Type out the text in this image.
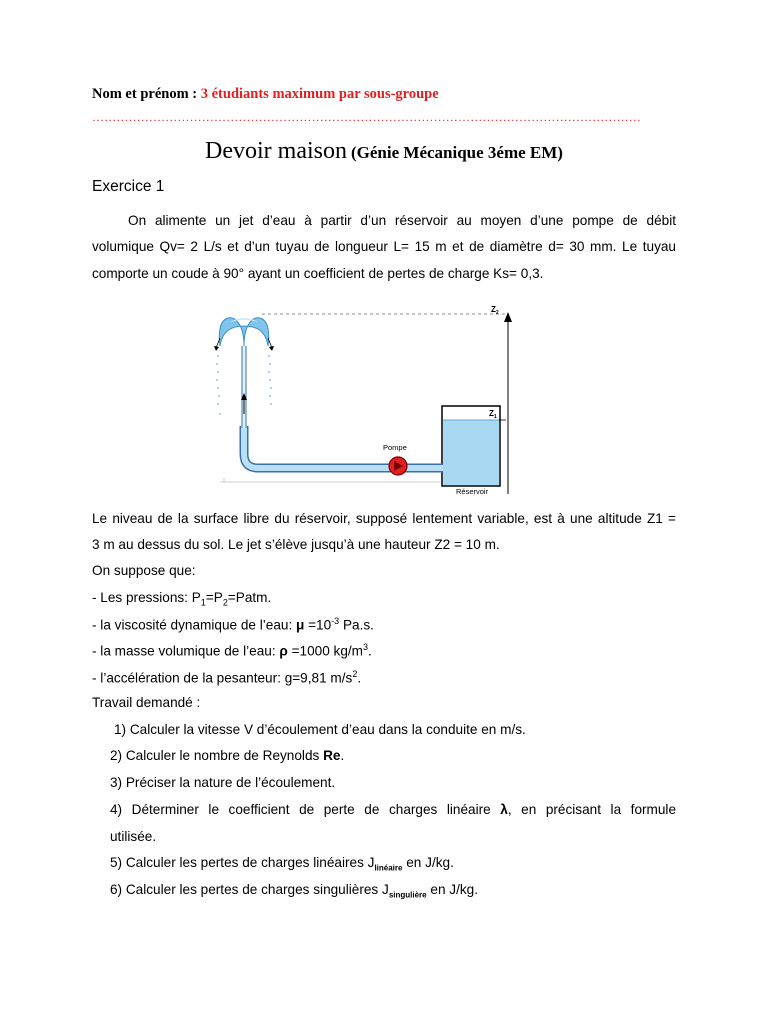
Nom et prénom : 3 étudiants maximum par sous-groupe
………………………………………………………………………………………………………………………
Devoir maison (Génie Mécanique 3éme EM)
Exercice 1
On alimente un jet d’eau à partir d’un réservoir au moyen d’une pompe de débit
volumique Qv= 2 L/s et d’un tuyau de longueur L= 15 m et de diamètre d= 30 mm. Le tuyau
comporte un coude à 90° ayant un coefficient de pertes de charge Ks= 0,3.
$Z_2$
$Z_1$
Réservoir
Pompe
Le niveau de la surface libre du réservoir, supposé lentement variable, est à une altitude Z1 =
3 m au dessus du sol. Le jet s’élève jusqu’à une hauteur Z2 = 10 m.
On suppose que:
- Les pressions: $P_1=P_2=Patm$.
- la viscosité dynamique de l’eau: $\mu =10^{-3}$ Pa.s.
- la masse volumique de l’eau: ρ =1000 $kg/m^3$.
- l’accélération de la pesanteur: g=9,81 $m/s^2$.
Travail demandé :
1) Calculer la vitesse V d’écoulement d’eau dans la conduite en m/s.
2) Calculer le nombre de Reynolds Re.
3) Préciser la nature de l’écoulement.
4) Déterminer le coefficient de perte de charges linéaire λ, en précisant la formule
utilisée.
5) Calculer les pertes de charges linéaires $J_{linéaire}$ en J/kg.
6) Calculer les pertes de charges singulières $J_{singulière}$ en J/kg.
